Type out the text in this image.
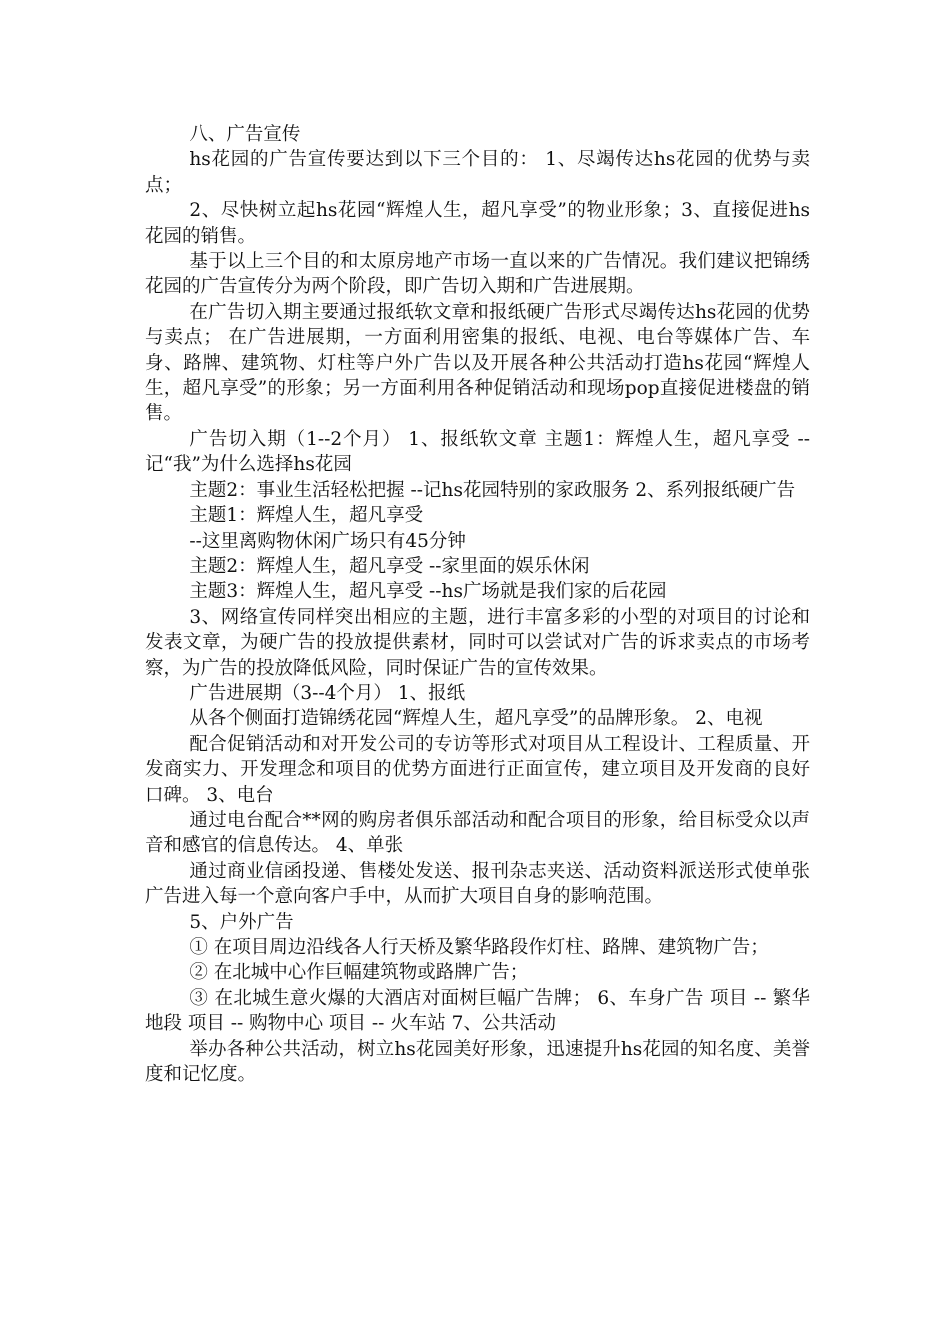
八、广告宣传

hs花园的广告宣传要达到以下三个目的： 1、尽竭传达hs花园的优势与卖点；

2、尽快树立起hs花园“辉煌人生，超凡享受”的物业形象；3、直接促进hs花园的销售。

基于以上三个目的和太原房地产市场一直以来的广告情况。我们建议把锦绣花园的广告宣传分为两个阶段，即广告切入期和广告进展期。

在广告切入期主要通过报纸软文章和报纸硬广告形式尽竭传达hs花园的优势与卖点； 在广告进展期，一方面利用密集的报纸、电视、电台等媒体广告、车身、路牌、建筑物、灯柱等户外广告以及开展各种公共活动打造hs花园“辉煌人生，超凡享受”的形象；另一方面利用各种促销活动和现场pop直接促进楼盘的销售。

广告切入期（1--2个月） 1、报纸软文章 主题1：辉煌人生，超凡享受 --记“我”为什么选择hs花园

主题2：事业生活轻松把握 --记hs花园特别的家政服务 2、系列报纸硬广告

主题1：辉煌人生，超凡享受

--这里离购物休闲广场只有45分钟

主题2：辉煌人生，超凡享受 --家里面的娱乐休闲

主题3：辉煌人生，超凡享受 --hs广场就是我们家的后花园

3、网络宣传同样突出相应的主题，进行丰富多彩的小型的对项目的讨论和发表文章，为硬广告的投放提供素材，同时可以尝试对广告的诉求卖点的市场考察，为广告的投放降低风险，同时保证广告的宣传效果。

广告进展期（3--4个月） 1、报纸

从各个侧面打造锦绣花园“辉煌人生，超凡享受”的品牌形象。 2、电视

配合促销活动和对开发公司的专访等形式对项目从工程设计、工程质量、开发商实力、开发理念和项目的优势方面进行正面宣传，建立项目及开发商的良好口碑。 3、电台

通过电台配合**网的购房者俱乐部活动和配合项目的形象，给目标受众以声音和感官的信息传达。 4、单张

通过商业信函投递、售楼处发送、报刊杂志夹送、活动资料派送形式使单张广告进入每一个意向客户手中，从而扩大项目自身的影响范围。

5、户外广告

① 在项目周边沿线各人行天桥及繁华路段作灯柱、路牌、建筑物广告；

② 在北城中心作巨幅建筑物或路牌广告；

③ 在北城生意火爆的大酒店对面树巨幅广告牌； 6、车身广告 项目 -- 繁华地段 项目 -- 购物中心 项目 -- 火车站 7、公共活动

举办各种公共活动，树立hs花园美好形象，迅速提升hs花园的知名度、美誉度和记忆度。
